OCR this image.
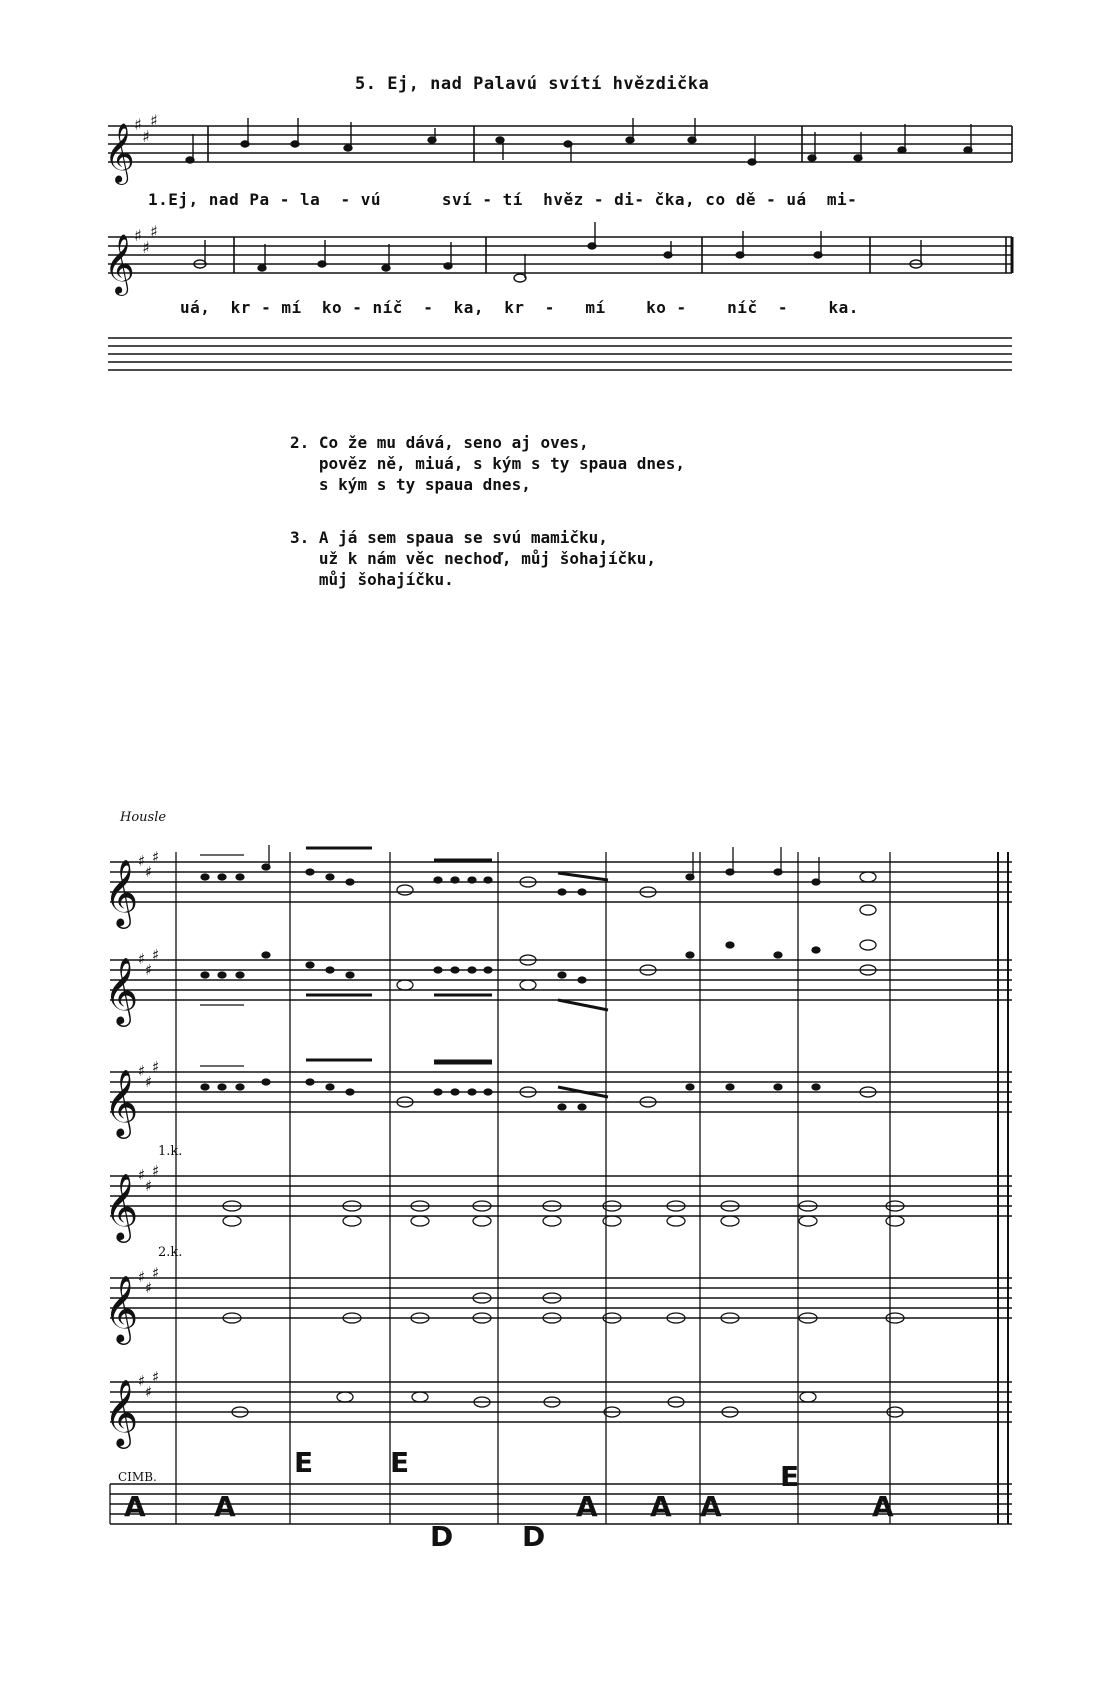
5. Ej, nad Palavú svítí hvězdička
𝄞
𝄞
♯
♯
♯
♯
♯
♯
1.Ej, nad Pa - la  - vú      sví - tí  hvěz - di- čka, co dě - uá  mi-
uá,  kr - mí  ko - níč  -  ka,  kr  -   mí    ko -    níč  -    ka.
2. Co že mu dává, seno aj oves,
pověz ně, miuá, s kým s ty spaua dnes,
s kým s ty spaua dnes,
3. A já sem spaua se svú mamičku,
už k nám věc nechoď, můj šohajíčku,
můj šohajíčku.
Housle
1.k.
2.k.
CIMB.
𝄞
𝄞
𝄞
𝄞
𝄞
𝄞
♯
♯
♯
♯
♯
♯
♯
♯
♯
♯
♯
♯
♯
♯
♯
♯
♯
♯
A A
E	E
D D
A A A
E
A
